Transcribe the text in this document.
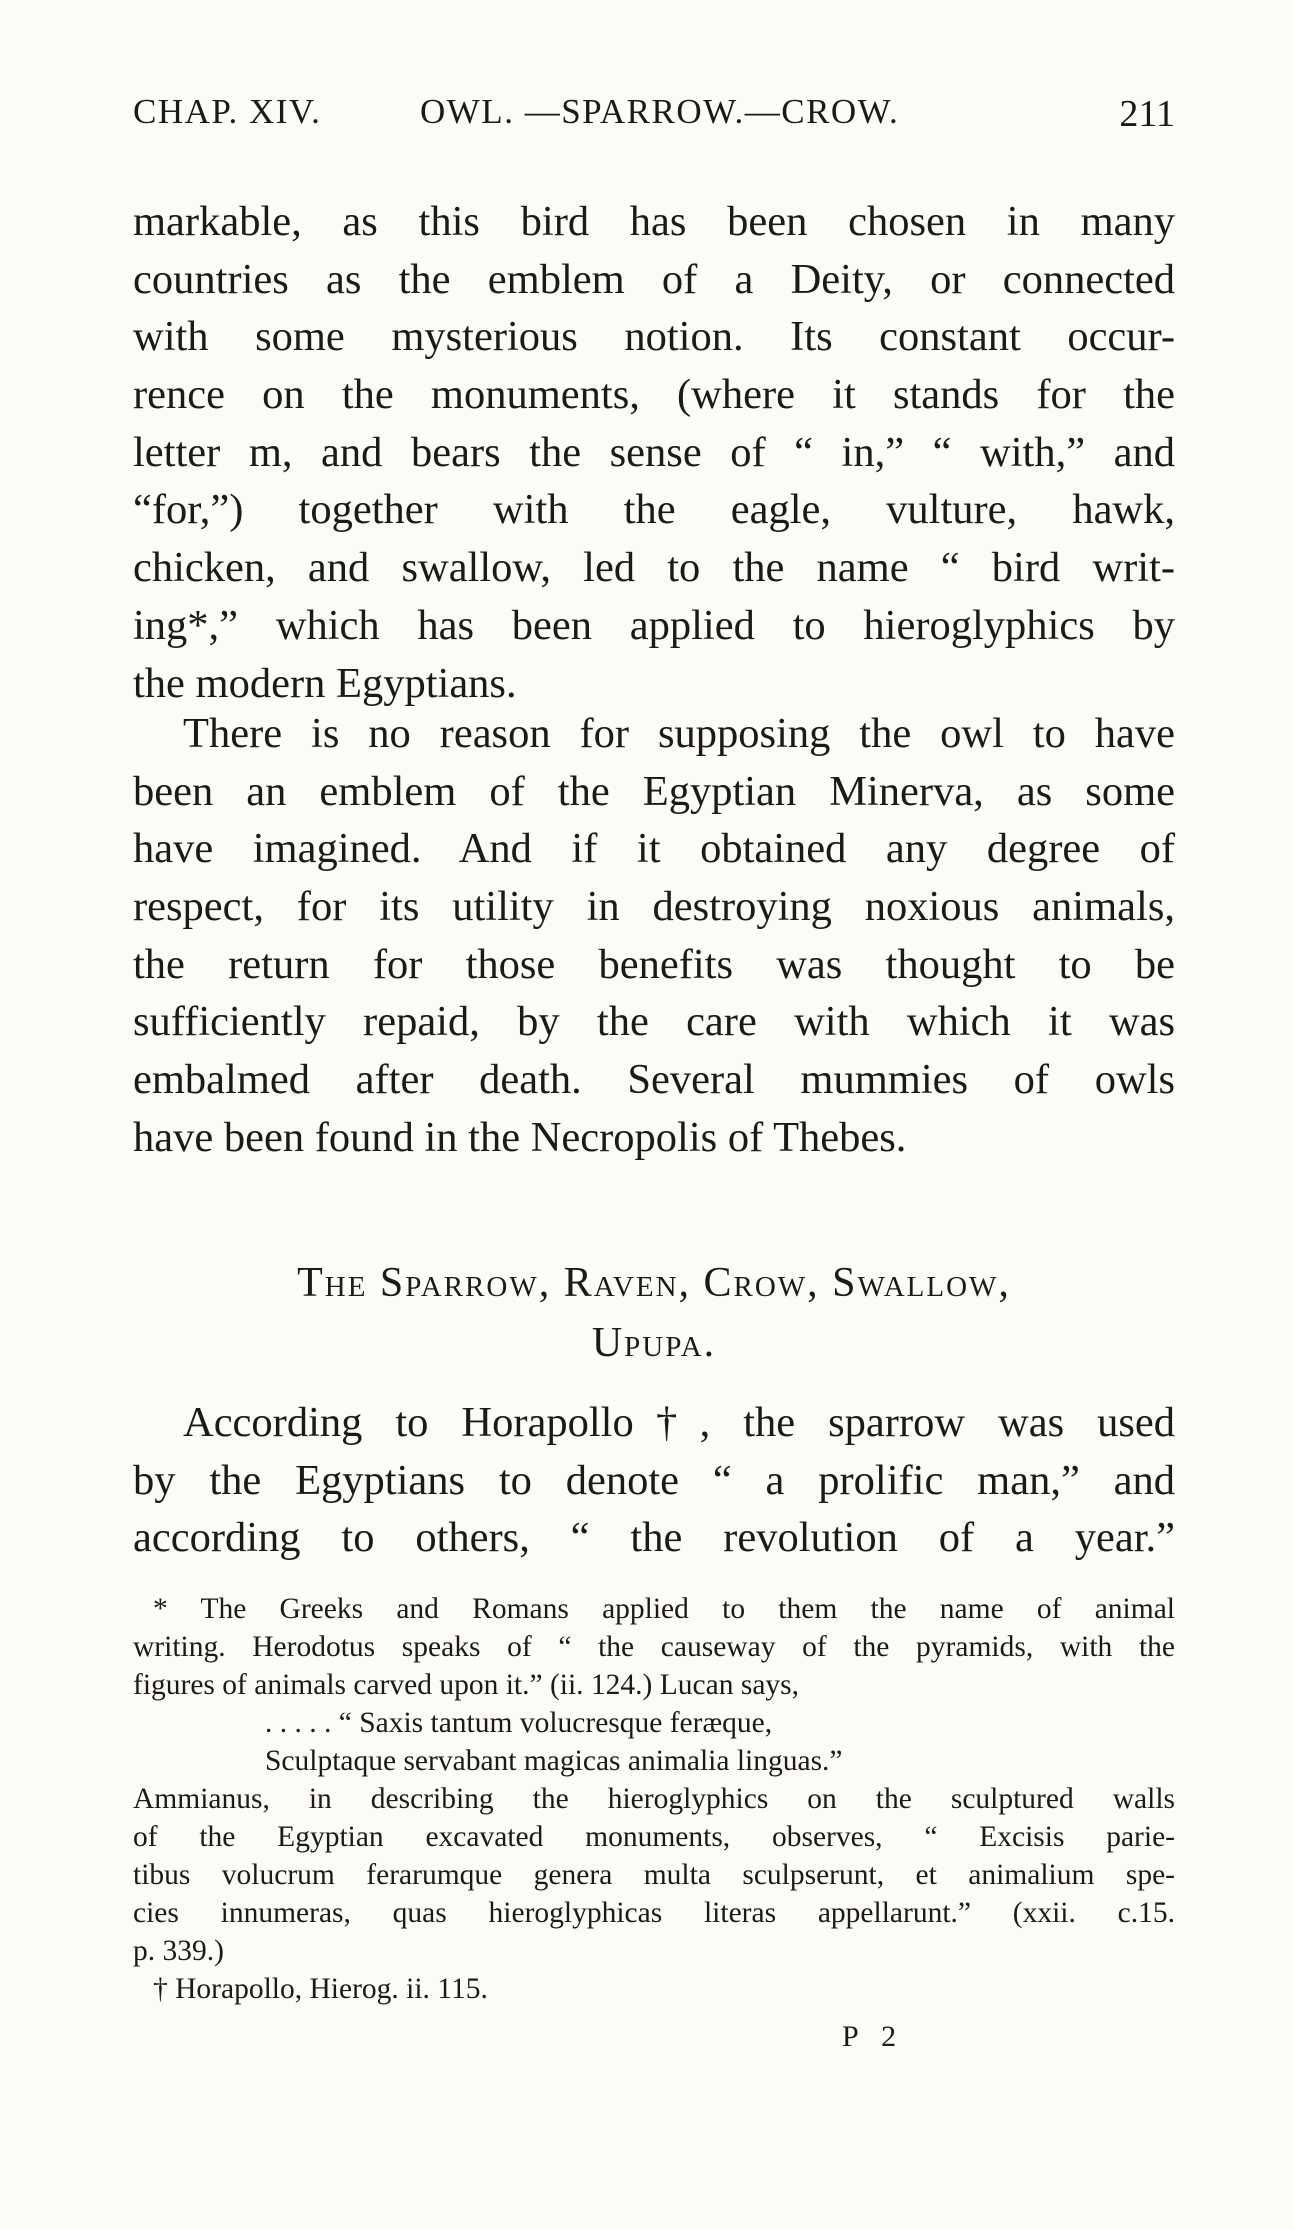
CHAP. XIV.	OWL. —SPARROW.—CROW.	211
markable, as this bird has been chosen in many
countries as the emblem of a Deity, or connected
with some mysterious notion. Its constant occur-
rence on the monuments, (where it stands for the
letter m, and bears the sense of “ in,” “ with,” and
“for,”) together with the eagle, vulture, hawk,
chicken, and swallow, led to the name “ bird writ-
ing*,” which has been applied to hieroglyphics by
the modern Egyptians.
There is no reason for supposing the owl to have
been an emblem of the Egyptian Minerva, as some
have imagined. And if it obtained any degree of
respect, for its utility in destroying noxious animals,
the return for those benefits was thought to be
sufficiently repaid, by the care with which it was
embalmed after death. Several mummies of owls
have been found in the Necropolis of Thebes.
The Sparrow, Raven, Crow, Swallow,
Upupa.
According to Horapollo†, the sparrow was used
by the Egyptians to denote “ a prolific man,” and
according to others, “ the revolution of a year.”
* The Greeks and Romans applied to them the name of animal
writing. Herodotus speaks of “ the causeway of the pyramids, with the
figures of animals carved upon it.” (ii. 124.) Lucan says,
. . . . . “ Saxis tantum volucresque feræque,
Sculptaque servabant magicas animalia linguas.”
Ammianus, in describing the hieroglyphics on the sculptured walls
of the Egyptian excavated monuments, observes, “ Excisis parie-
tibus volucrum ferarumque genera multa sculpserunt, et animalium spe-
cies innumeras, quas hieroglyphicas literas appellarunt.” (xxii. c.15.
p. 339.)
† Horapollo, Hierog. ii. 115.
P 2
